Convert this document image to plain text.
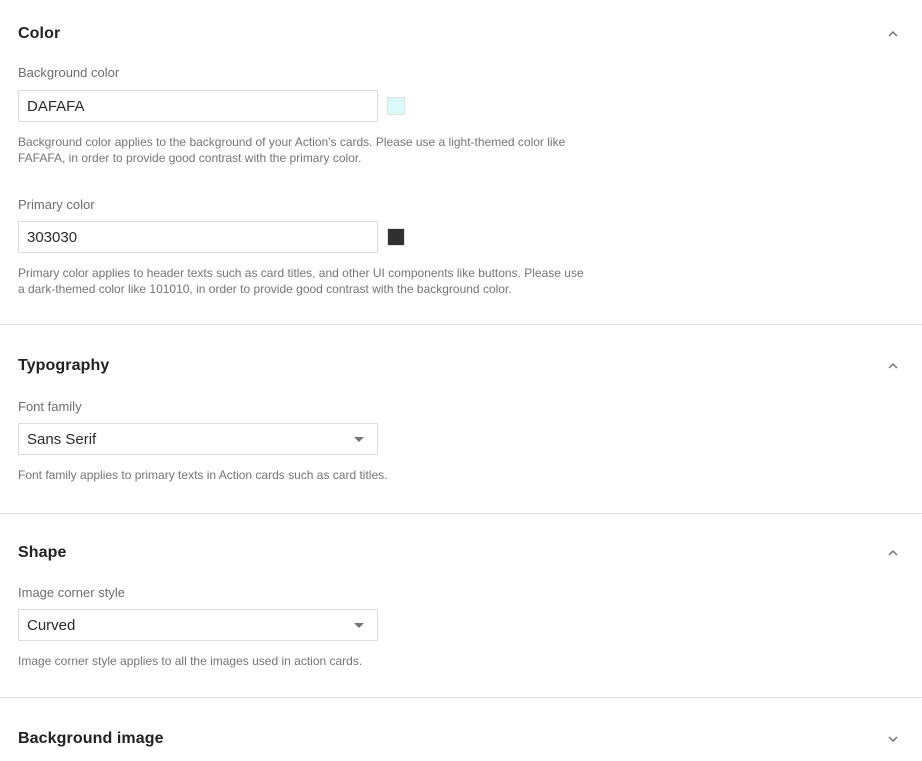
Color
Background color
DAFAFA

Background color applies to the background of your Action's cards. Please use a light-themed color like
FAFAFA, in order to provide good contrast with the primary color.

Primary color
303030

Primary color applies to header texts such as card titles, and other UI components like buttons. Please use
a dark-themed color like 101010, in order to provide good contrast with the background color.

Typography
Font family
Sans Serif

Font family applies to primary texts in Action cards such as card titles.

Shape
Image corner style
Curved

Image corner style applies to all the images used in action cards.

Background image
